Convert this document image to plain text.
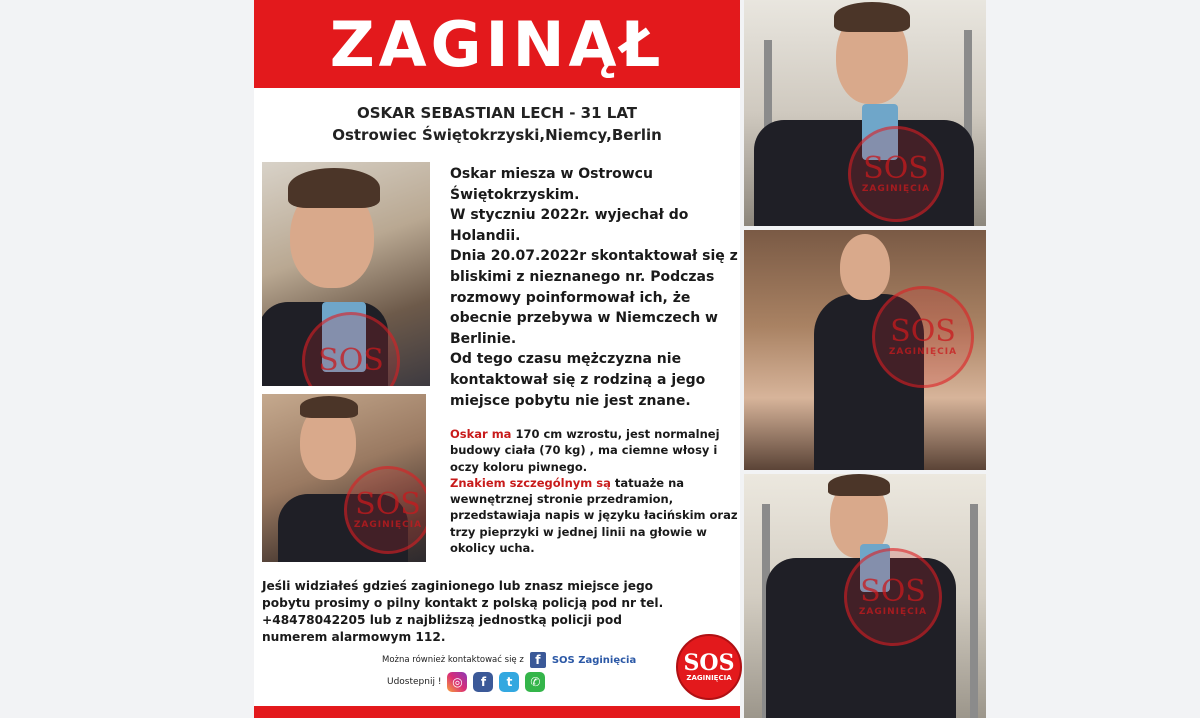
ZAGINĄŁ
OSKAR SEBASTIAN LECH - 31 LAT
Ostrowiec Świętokrzyski,Niemcy,Berlin
SOS
SOS
ZAGINIĘCIA

Oskar miesza w Ostrowcu Świętokrzyskim.

W styczniu 2022r. wyjechał do Holandii.

Dnia 20.07.2022r skontaktował się z bliskimi z nieznanego nr. Podczas rozmowy poinformował ich, że obecnie przebywa w Niemczech w Berlinie.

Od tego czasu mężczyzna nie kontaktował się z rodziną a jego miejsce pobytu nie jest znane.

Oskar ma 170 cm wzrostu, jest normalnej budowy ciała (70 kg) , ma ciemne włosy i oczy koloru piwnego.
Znakiem szczególnym są tatuaże na wewnętrznej stronie przedramion, przedstawiaja napis w języku łacińskim oraz trzy pieprzyki w jednej linii na głowie w okolicy ucha.
Jeśli widziałeś gdzieś zaginionego lub znasz miejsce jego pobytu prosimy o pilny kontakt z polską policją pod nr tel. +48478042205 lub z najbliższą jednostką policji pod numerem alarmowym 112.
Można również kontaktować się z f	SOS Zaginięcia
Udostepnij ! ◎	f	t	✆
SOS
ZAGINIĘCIA
SOS
ZAGINIĘCIA
SOS
ZAGINIĘCIA
SOS
ZAGINIĘCIA
